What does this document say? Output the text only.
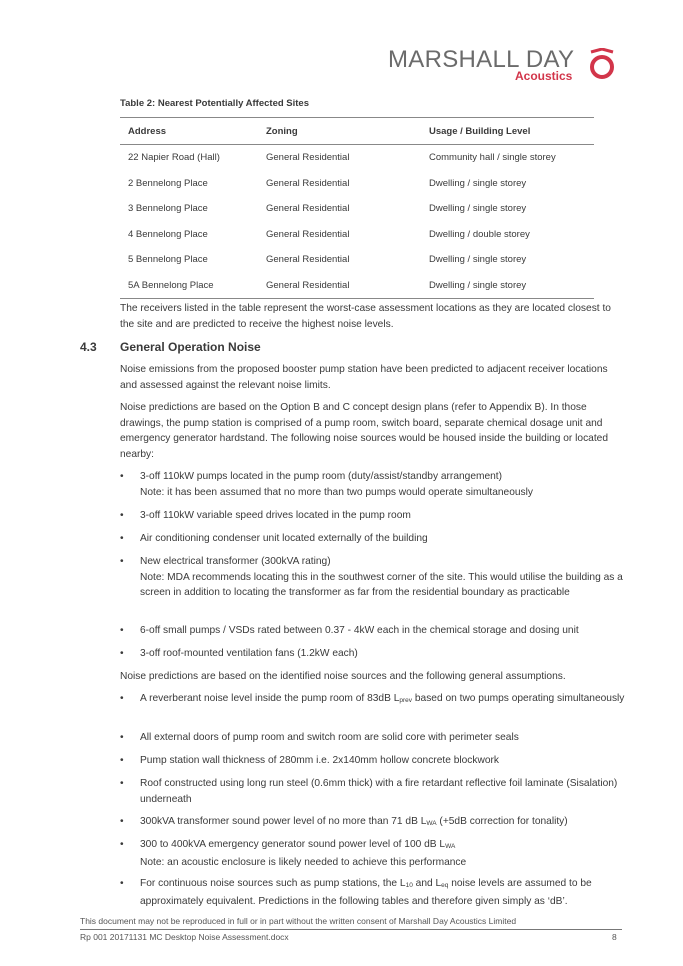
MARSHALL DAY
Acoustics
Table 2: Nearest Potentially Affected Sites
Address	Zoning	Usage / Building Level
22 Napier Road (Hall)	General Residential	Community hall / single storey
2 Bennelong Place	General Residential	Dwelling / single storey
3 Bennelong Place	General Residential	Dwelling / single storey
4 Bennelong Place	General Residential	Dwelling / double storey
5 Bennelong Place	General Residential	Dwelling / single storey
5A Bennelong Place	General Residential	Dwelling / single storey
The receivers listed in the table represent the worst-case assessment locations as they are located closest to the site and are predicted to receive the highest noise levels.
4.3 General Operation Noise
Noise emissions from the proposed booster pump station have been predicted to adjacent receiver locations and assessed against the relevant noise limits.
Noise predictions are based on the Option B and C concept design plans (refer to Appendix B). In those drawings, the pump station is comprised of a pump room, switch board, separate chemical dosage unit and emergency generator hardstand. The following noise sources would be housed inside the building or located nearby:
• 3-off 110kW pumps located in the pump room (duty/assist/standby arrangement)
Note: it has been assumed that no more than two pumps would operate simultaneously
• 3-off 110kW variable speed drives located in the pump room
• Air conditioning condenser unit located externally of the building
• New electrical transformer (300kVA rating)
Note: MDA recommends locating this in the southwest corner of the site. This would utilise the building as a screen in addition to locating the transformer as far from the residential boundary as practicable
• 6-off small pumps / VSDs rated between 0.37 - 4kW each in the chemical storage and dosing unit
• 3-off roof-mounted ventilation fans (1.2kW each)
Noise predictions are based on the identified noise sources and the following general assumptions.
• A reverberant noise level inside the pump room of 83dB $L_{prev}$ based on two pumps operating simultaneously
• All external doors of pump room and switch room are solid core with perimeter seals
• Pump station wall thickness of 280mm i.e. 2x140mm hollow concrete blockwork
• Roof constructed using long run steel (0.6mm thick) with a fire retardant reflective foil laminate (Sisalation) underneath
• 300kVA transformer sound power level of no more than 71 dB $L_{WA}$ (+5dB correction for tonality)
• 300 to 400kVA emergency generator sound power level of 100 dB $L_{WA}$
Note: an acoustic enclosure is likely needed to achieve this performance
• For continuous noise sources such as pump stations, the $L_{10}$ and $L_{eq}$ noise levels are assumed to be approximately equivalent. Predictions in the following tables and therefore given simply as ‘dB’.
This document may not be reproduced in full or in part without the written consent of Marshall Day Acoustics Limited
Rp 001 20171131 MC Desktop Noise Assessment.docx	8
